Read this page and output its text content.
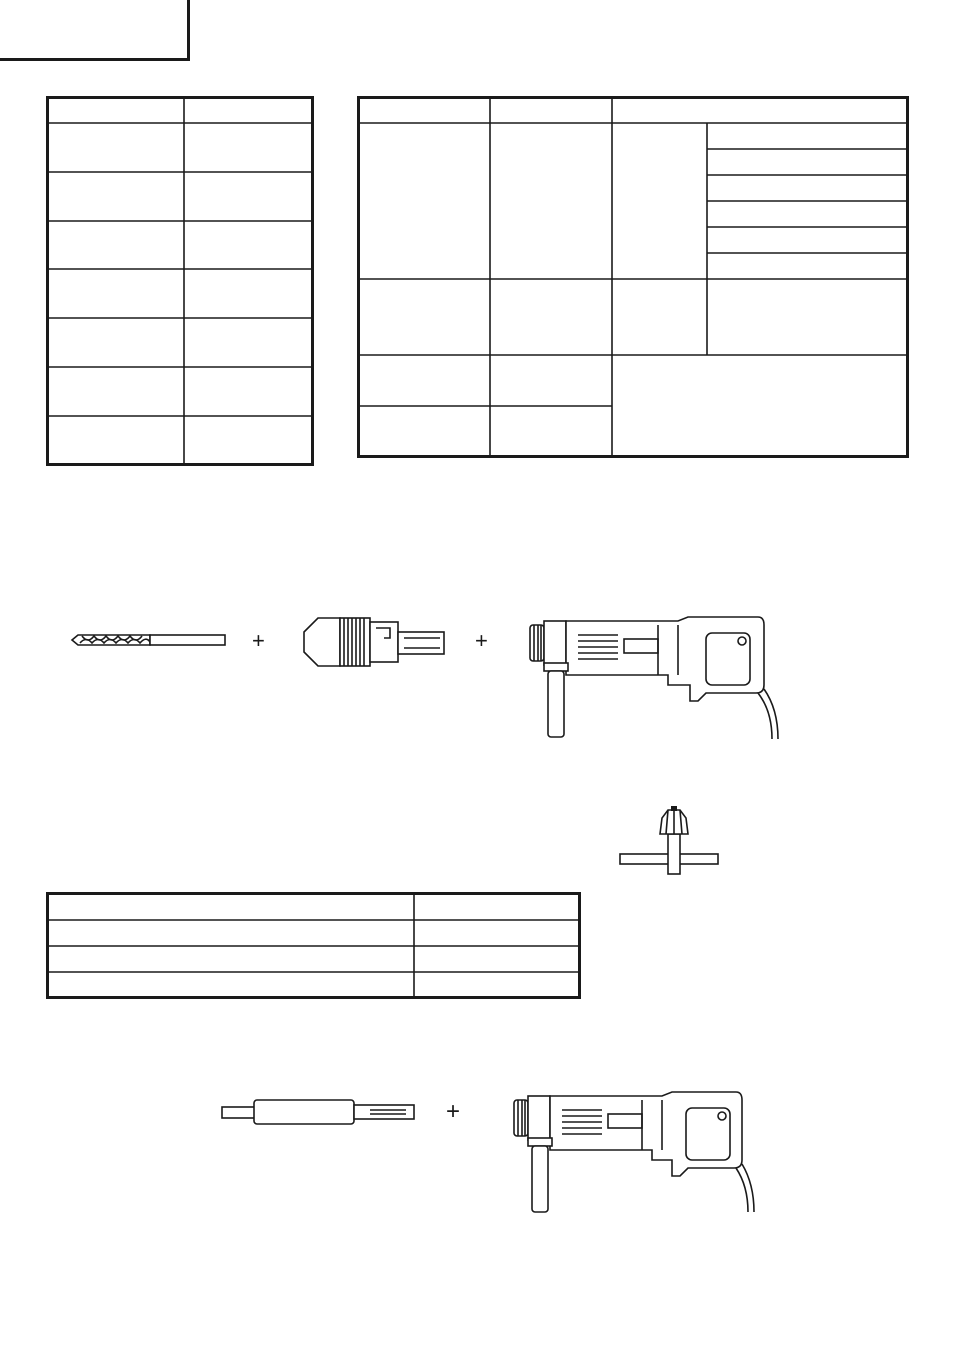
+	+
+
